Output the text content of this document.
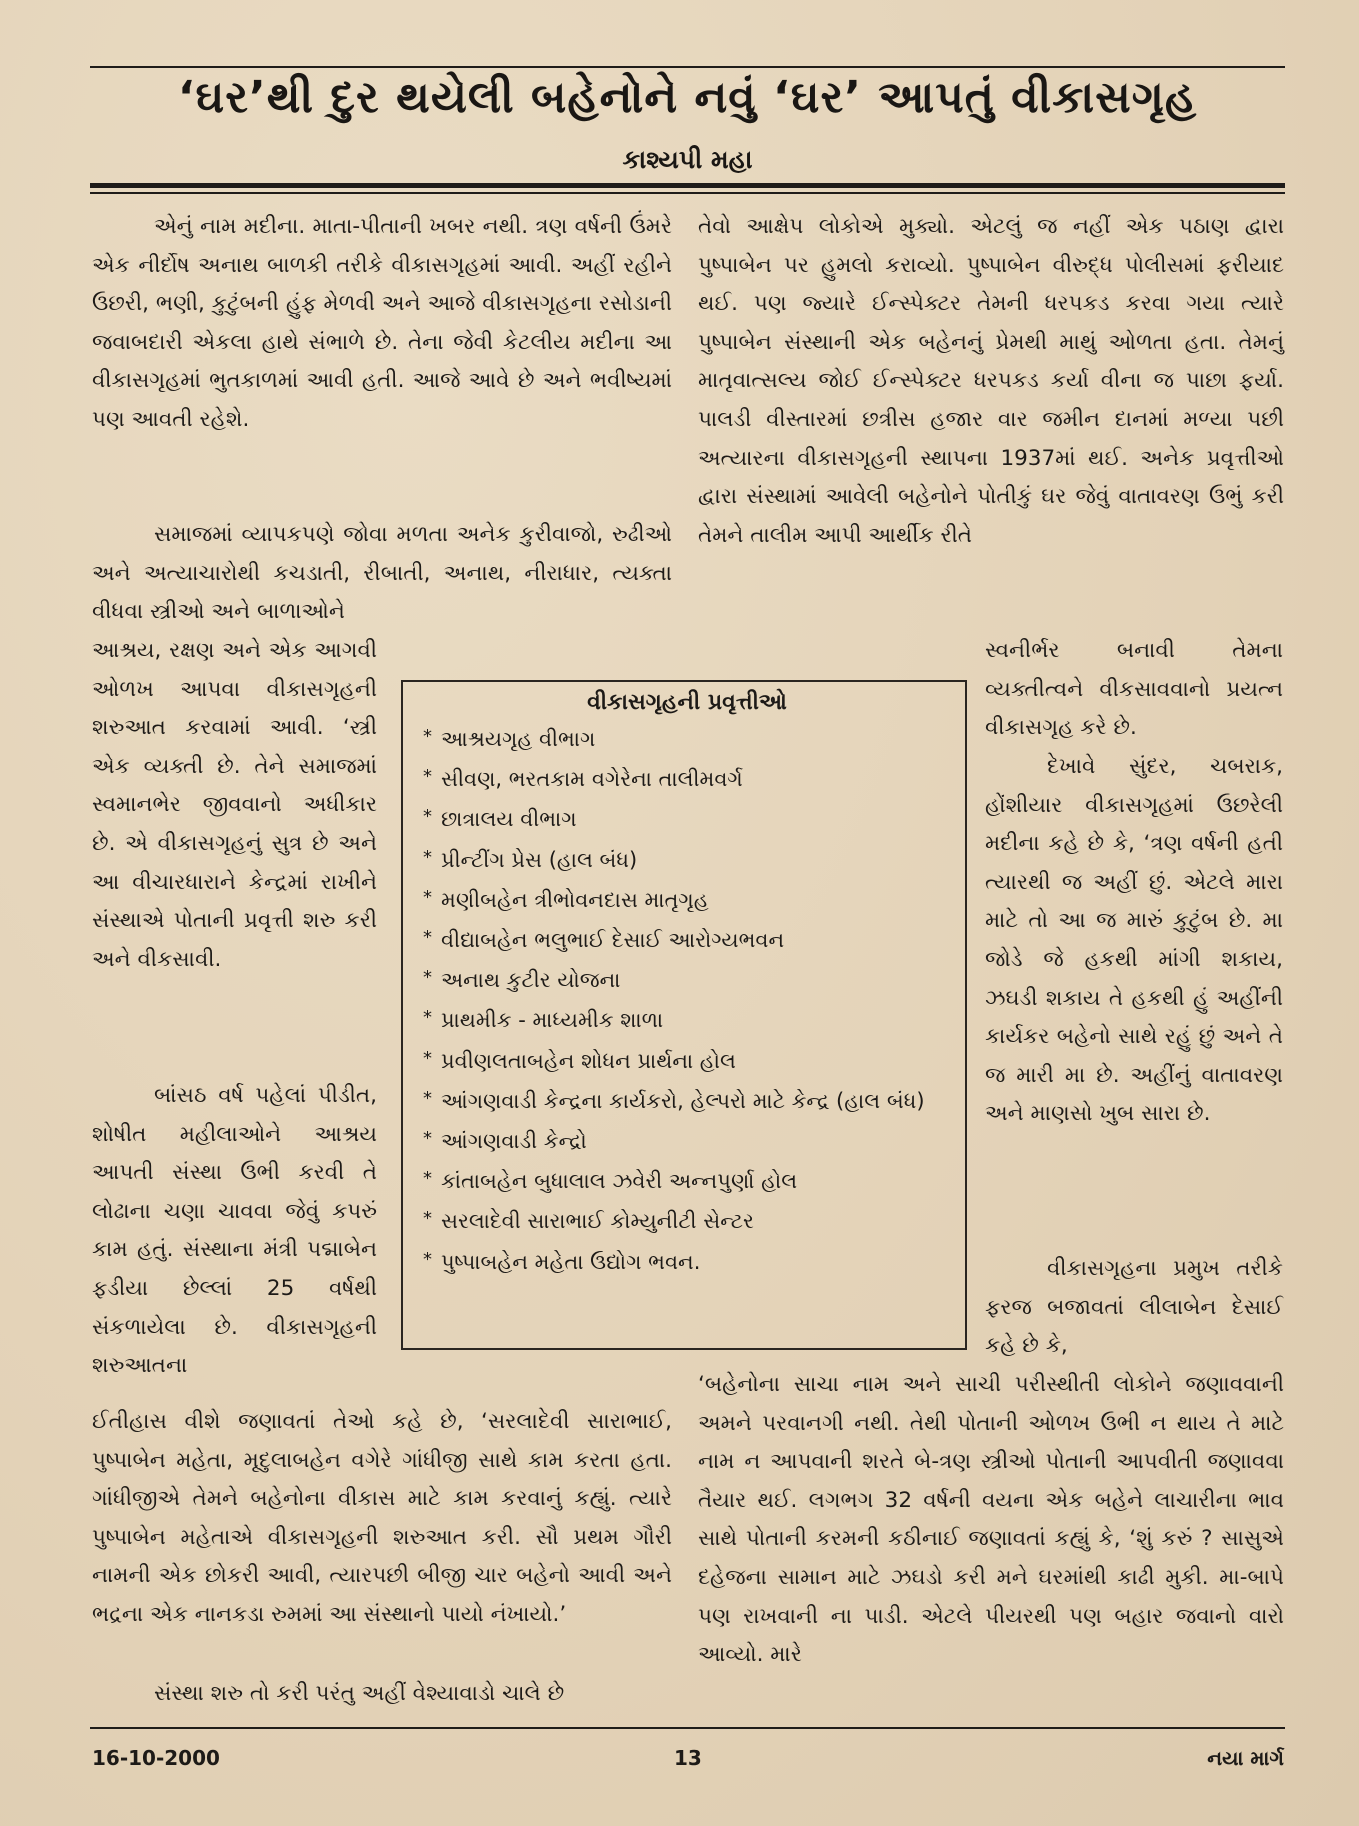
‘ઘર’થી દુર થયેલી બહેનોને નવું ‘ઘર’ આપતું વીકાસગૃહ
કાશ્યપી મહા

એનું નામ મદીના. માતા-પીતાની ખબર નથી. ત્રણ વર્ષની ઉંમરે એક નીર્દોષ અનાથ બાળકી તરીકે વીકાસગૃહમાં આવી. અહીં રહીને ઉછરી, ભણી, કુટુંબની હુંફ મેળવી અને આજે વીકાસગૃહના રસોડાની જવાબદારી એકલા હાથે સંભાળે છે. તેના જેવી કેટલીય મદીના આ વીકાસગૃહમાં ભુતકાળમાં આવી હતી. આજે આવે છે અને ભવીષ્યમાં પણ આવતી રહેશે.

સમાજમાં વ્યાપકપણે જોવા મળતા અનેક કુરીવાજો, રુઢીઓ અને અત્યાચારોથી કચડાતી, રીબાતી, અનાથ, નીરાધાર, ત્યક્તા વીધવા સ્ત્રીઓ અને બાળાઓને

આશ્રય, રક્ષણ અને એક આગવી ઓળખ આપવા વીકાસગૃહની શરુઆત કરવામાં આવી. ‘સ્ત્રી એક વ્યક્તી છે. તેને સમાજમાં સ્વમાનભેર જીવવાનો અધીકાર છે. એ વીકાસગૃહનું સુત્ર છે અને આ વીચારધારાને કેન્દ્રમાં રાખીને સંસ્થાએ પોતાની પ્રવૃત્તી શરુ કરી અને વીકસાવી.

બાંસઠ વર્ષ પહેલાં પીડીત, શોષીત મહીલાઓને આશ્રય આપતી સંસ્થા ઉભી કરવી તે લોઢાના ચણા ચાવવા જેવું કપરું કામ હતું. સંસ્થાના મંત્રી પદ્માબેન ફડીયા છેલ્લાં 25 વર્ષથી સંકળાયેલા છે. વીકાસગૃહની શરુઆતના

ઈતીહાસ વીશે જણાવતાં તેઓ કહે છે, ‘સરલાદેવી સારાભાઈ, પુષ્પાબેન મહેતા, મૃદુલાબહેન વગેરે ગાંધીજી સાથે કામ કરતા હતા. ગાંધીજીએ તેમને બહેનોના વીકાસ માટે કામ કરવાનું કહ્યું. ત્યારે પુષ્પાબેન મહેતાએ વીકાસગૃહની શરુઆત કરી. સૌ પ્રથમ ગૌરી નામની એક છોકરી આવી, ત્યારપછી બીજી ચાર બહેનો આવી અને ભદ્રના એક નાનકડા રુમમાં આ સંસ્થાનો પાયો નંખાયો.’

સંસ્થા શરુ તો કરી પરંતુ અહીં વેશ્યાવાડો ચાલે છે

વીકાસગૃહની પ્રવૃત્તીઓ
* આશ્રયગૃહ વીભાગ
* સીવણ, ભરતકામ વગેરેના તાલીમવર્ગ
* છાત્રાલય વીભાગ
* પ્રીન્ટીંગ પ્રેસ (હાલ બંધ)
* મણીબહેન ત્રીભોવનદાસ માતૃગૃહ
* વીદ્યાબહેન ભલુભાઈ દેસાઈ આરોગ્યભવન
* અનાથ કુટીર યોજના
* પ્રાથમીક - માધ્યમીક શાળા
* પ્રવીણલતાબહેન શોધન પ્રાર્થના હોલ
* આંગણવાડી કેન્દ્રના કાર્યકરો, હેલ્પરો માટે કેન્દ્ર (હાલ બંધ)
* આંગણવાડી કેન્દ્રો
* કાંતાબહેન બુધાલાલ ઝવેરી અન્નપુર્ણા હોલ
* સરલાદેવી સારાભાઈ કોમ્યુનીટી સેન્ટર
* પુષ્પાબહેન મહેતા ઉદ્યોગ ભવન.

તેવો આક્ષેપ લોકોએ મુક્યો. એટલું જ નહીં એક પઠાણ દ્વારા પુષ્પાબેન પર હુમલો કરાવ્યો. પુષ્પાબેન વીરુદ્ધ પોલીસમાં ફરીયાદ થઈ. પણ જ્યારે ઈન્સ્પેક્ટર તેમની ધરપકડ કરવા ગયા ત્યારે પુષ્પાબેન સંસ્થાની એક બહેનનું પ્રેમથી માથું ઓળતા હતા. તેમનું માતૃવાત્સલ્ય જોઈ ઈન્સ્પેક્ટર ધરપકડ કર્યા વીના જ પાછા ફર્યા. પાલડી વીસ્તારમાં છત્રીસ હજાર વાર જમીન દાનમાં મળ્યા પછી અત્યારના વીકાસગૃહની સ્થાપના 1937માં થઈ. અનેક પ્રવૃત્તીઓ દ્વારા સંસ્થામાં આવેલી બહેનોને પોતીકું ઘર જેવું વાતાવરણ ઉભું કરી તેમને તાલીમ આપી આર્થીક રીતે

સ્વનીર્ભર બનાવી તેમના વ્યક્તીત્વને વીકસાવવાનો પ્રયત્ન વીકાસગૃહ કરે છે.

દેખાવે સુંદર, ચબરાક, હોંશીયાર વીકાસગૃહમાં ઉછરેલી મદીના કહે છે કે, ‘ત્રણ વર્ષની હતી ત્યારથી જ અહીં છું. એટલે મારા માટે તો આ જ મારું કુટુંબ છે. મા જોડે જે હકથી માંગી શકાય, ઝઘડી શકાય તે હકથી હું અહીંની કાર્યકર બહેનો સાથે રહું છું અને તે જ મારી મા છે. અહીંનું વાતાવરણ અને માણસો ખુબ સારા છે.

વીકાસગૃહના પ્રમુખ તરીકે ફરજ બજાવતાં લીલાબેન દેસાઈ કહે છે કે,

‘બહેનોના સાચા નામ અને સાચી પરીસ્થીતી લોકોને જણાવવાની અમને પરવાનગી નથી. તેથી પોતાની ઓળખ ઉભી ન થાય તે માટે નામ ન આપવાની શરતે બે-ત્રણ સ્ત્રીઓ પોતાની આપવીતી જણાવવા તૈયાર થઈ. લગભગ 32 વર્ષની વયના એક બહેને લાચારીના ભાવ સાથે પોતાની કરમની કઠીનાઈ જણાવતાં કહ્યું કે, ‘શું કરું ? સાસુએ દહેજના સામાન માટે ઝઘડો કરી મને ઘરમાંથી કાઢી મુકી. મા-બાપે પણ રાખવાની ના પાડી. એટલે પીયરથી પણ બહાર જવાનો વારો આવ્યો. મારે

16-10-2000	13	નયા માર્ગ
